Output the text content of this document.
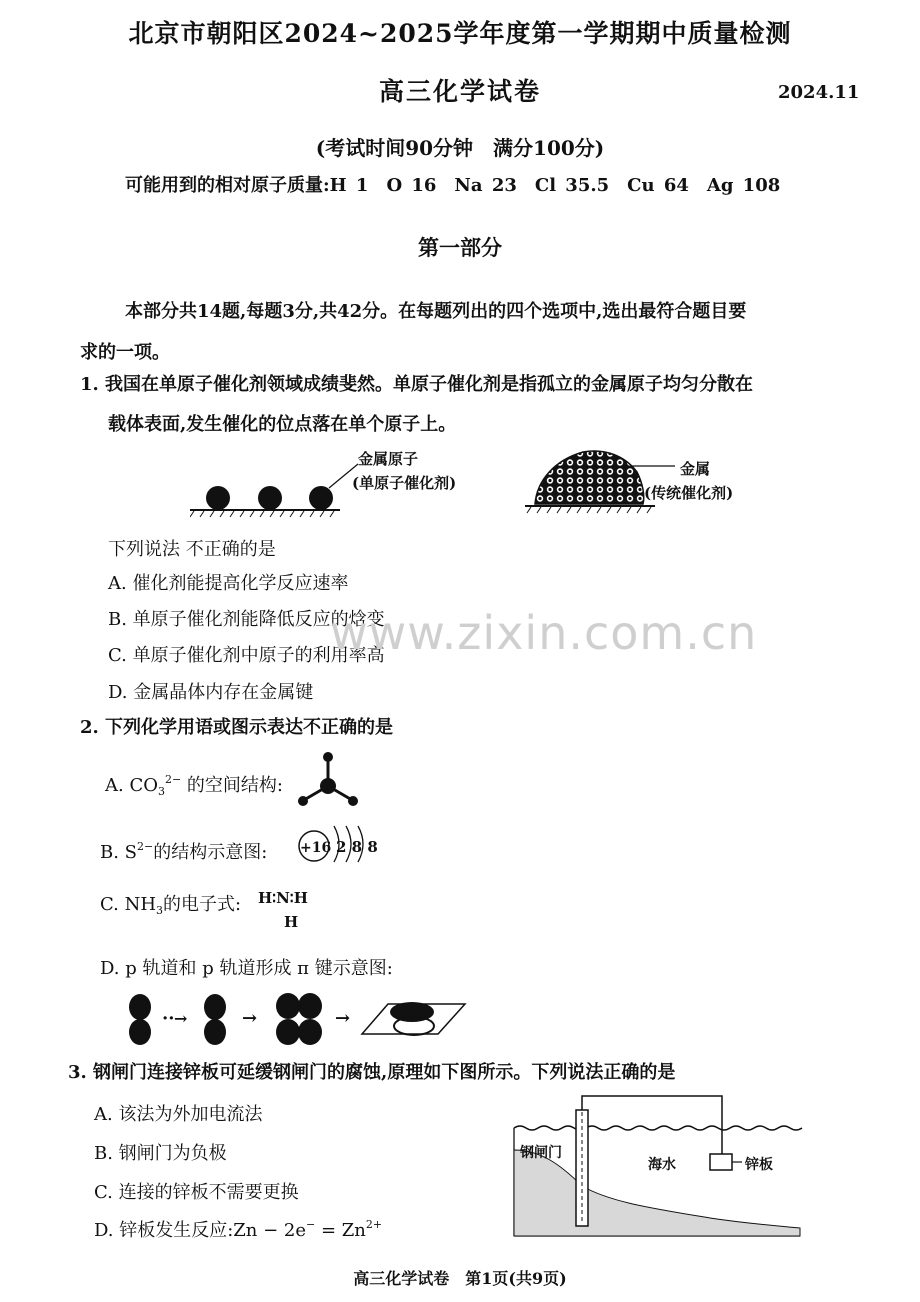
北京市朝阳区2024~2025学年度第一学期期中质量检测
高三化学试卷	2024.11
(考试时间90分钟　满分100分)
可能用到的相对原子质量:H 1　O 16　Na 23　Cl 35.5　Cu 64　Ag 108
第一部分
本部分共14题,每题3分,共42分。在每题列出的四个选项中,选出最符合题目要
求的一项。
1. 我国在单原子催化剂领域成绩斐然。单原子催化剂是指孤立的金属原子均匀分散在
载体表面,发生催化的位点落在单个原子上。
金属原子
(单原子催化剂)
金属
(传统催化剂)
下列说法 不正确的是
A. 催化剂能提高化学反应速率
B. 单原子催化剂能降低反应的焓变
C. 单原子催化剂中原子的利用率高
D. 金属晶体内存在金属键
2. 下列化学用语或图示表达不正确的是
A. $CO_3^{2-}$ 的空间结构:
B. $S^{2-}$的结构示意图: +16 2 8 8
C. $NH_3$的电子式: H∶N∶H
H
D. p 轨道和 p 轨道形成 π 键示意图:
·· →	→	→
3. 钢闸门连接锌板可延缓钢闸门的腐蚀,原理如下图所示。下列说法正确的是
A. 该法为外加电流法
B. 钢闸门为负极
C. 连接的锌板不需要更换
D. 锌板发生反应:Zn − $2e^- = Zn^{2+}$
钢闸门
海水	锌板
www.zixin.com.cn
高三化学试卷　第1页(共9页)
